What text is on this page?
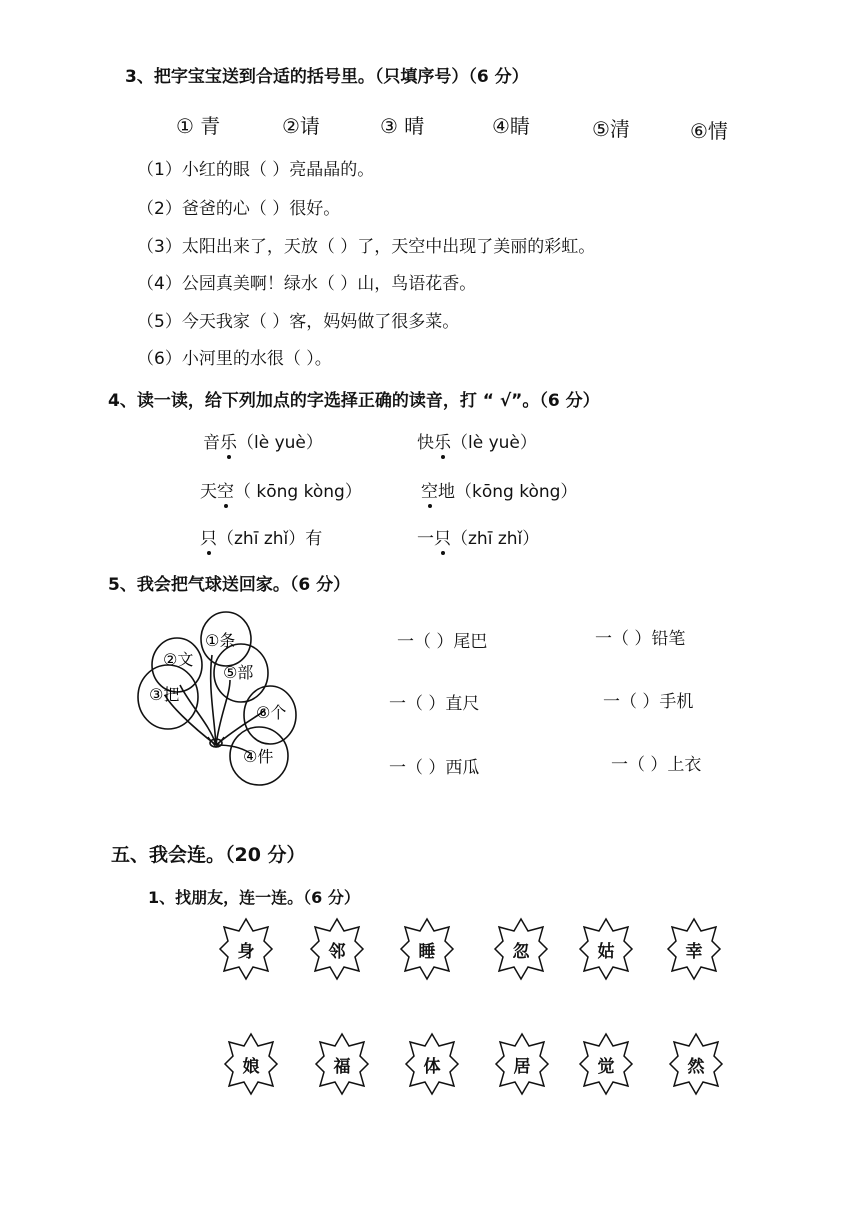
3、把字宝宝送到合适的括号里。（只填序号）（6 分）
① 青	②请	③ 晴	④睛	⑤清	⑥情
（1）小红的眼（ ）亮晶晶的。
（2）爸爸的心（ ）很好。
（3）太阳出来了，天放（ ）了，天空中出现了美丽的彩虹。
（4）公园真美啊！绿水（ ）山，鸟语花香。
（5）今天我家（ ）客，妈妈做了很多菜。
（6）小河里的水很（ ）。
4、读一读，给下列加点的字选择正确的读音，打 “ √”。（6 分）
音乐（lè yuè）	快乐（lè yuè）
天空（ kōng kòng）	空地（kōng kòng）
只（zhī zhǐ）有	一只（zhī zhǐ）
5、我会把气球送回家。（6 分）
②文
①条
⑤部
③把
⑥个
④件
一（ ）尾巴	一（ ）铅笔
一（ ）直尺	一（ ）手机
一（ ）西瓜	一（ ）上衣
五、我会连。（20 分）
1、找朋友，连一连。（6 分）
身	邻	睡	忽	姑	幸
娘	福	体	居	觉	然
